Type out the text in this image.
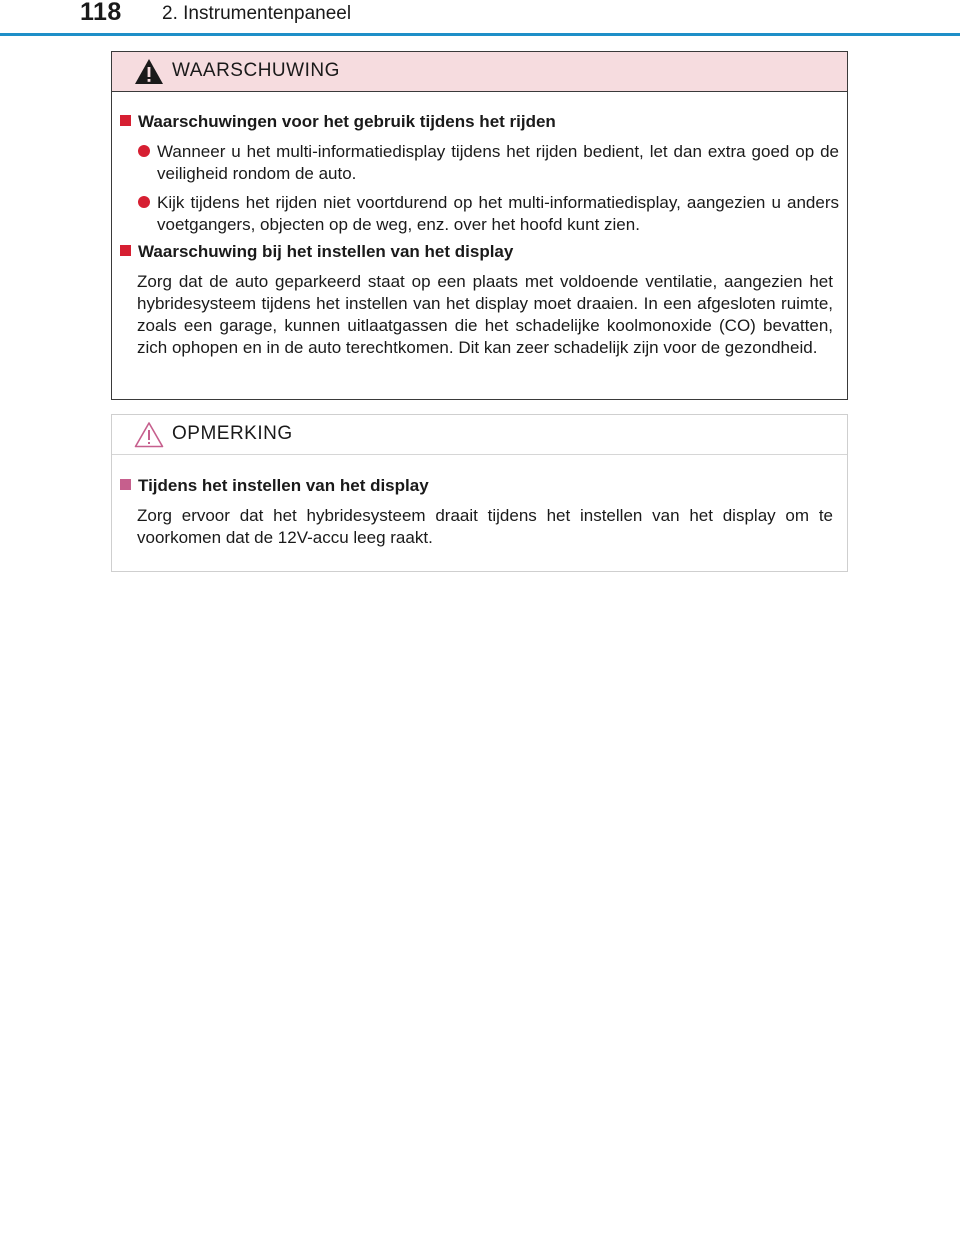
118 2. Instrumentenpaneel
WAARSCHUWING
Waarschuwingen voor het gebruik tijdens het rijden
Wanneer u het multi-informatiedisplay tijdens het rijden bedient, let dan extra goed op de veiligheid rondom de auto.
Kijk tijdens het rijden niet voortdurend op het multi-informatiedisplay, aangezien u anders voetgangers, objecten op de weg, enz. over het hoofd kunt zien.
Waarschuwing bij het instellen van het display
Zorg dat de auto geparkeerd staat op een plaats met voldoende ventilatie, aangezien het hybridesysteem tijdens het instellen van het display moet draaien. In een afgesloten ruimte, zoals een garage, kunnen uitlaatgassen die het schadelijke koolmonoxide (CO) bevatten, zich ophopen en in de auto terechtkomen. Dit kan zeer schadelijk zijn voor de gezondheid.
OPMERKING
Tijdens het instellen van het display
Zorg ervoor dat het hybridesysteem draait tijdens het instellen van het display om te voorkomen dat de 12V-accu leeg raakt.
